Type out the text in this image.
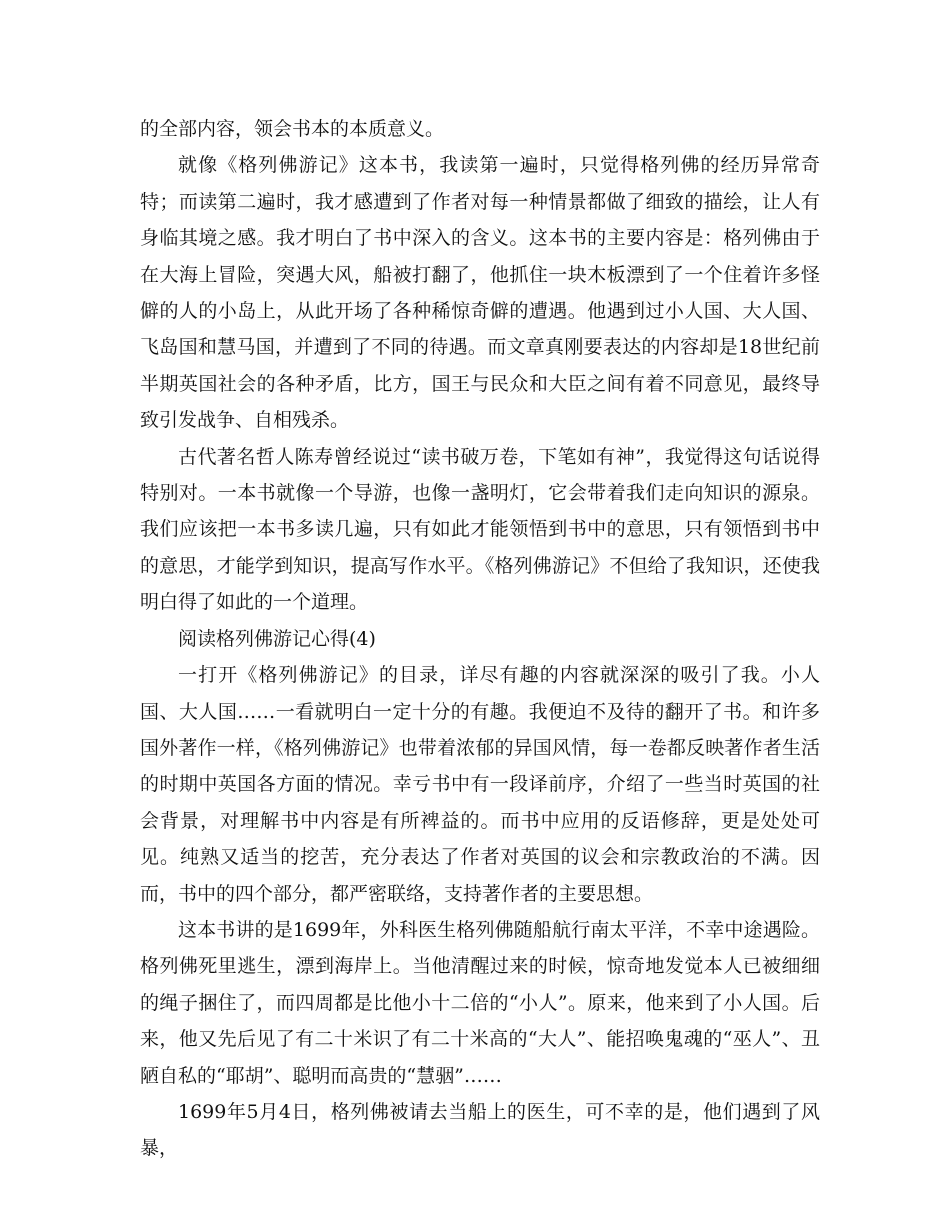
的全部内容，领会书本的本质意义。

就像《格列佛游记》这本书，我读第一遍时，只觉得格列佛的经历异常奇特；而读第二遍时，我才感遭到了作者对每一种情景都做了细致的描绘，让人有身临其境之感。我才明白了书中深入的含义。这本书的主要内容是：格列佛由于在大海上冒险，突遇大风，船被打翻了，他抓住一块木板漂到了一个住着许多怪僻的人的小岛上，从此开场了各种稀惊奇僻的遭遇。他遇到过小人国、大人国、飞岛国和慧马国，并遭到了不同的待遇。而文章真刚要表达的内容却是18世纪前半期英国社会的各种矛盾，比方，国王与民众和大臣之间有着不同意见，最终导致引发战争、自相残杀。

古代著名哲人陈寿曾经说过“读书破万卷，下笔如有神”，我觉得这句话说得特别对。一本书就像一个导游，也像一盏明灯，它会带着我们走向知识的源泉。我们应该把一本书多读几遍，只有如此才能领悟到书中的意思，只有领悟到书中的意思，才能学到知识，提高写作水平。《格列佛游记》不但给了我知识，还使我明白得了如此的一个道理。

阅读格列佛游记心得(4)

一打开《格列佛游记》的目录，详尽有趣的内容就深深的吸引了我。小人国、大人国……一看就明白一定十分的有趣。我便迫不及待的翻开了书。和许多国外著作一样，《格列佛游记》也带着浓郁的异国风情，每一卷都反映著作者生活的时期中英国各方面的情况。幸亏书中有一段译前序，介绍了一些当时英国的社会背景，对理解书中内容是有所裨益的。而书中应用的反语修辞，更是处处可见。纯熟又适当的挖苦，充分表达了作者对英国的议会和宗教政治的不满。因而，书中的四个部分，都严密联络，支持著作者的主要思想。

这本书讲的是1699年，外科医生格列佛随船航行南太平洋，不幸中途遇险。格列佛死里逃生，漂到海岸上。当他清醒过来的时候，惊奇地发觉本人已被细细的绳子捆住了，而四周都是比他小十二倍的“小人”。原来，他来到了小人国。后来，他又先后见了有二十米识了有二十米高的“大人”、能招唤鬼魂的“巫人”、丑陋自私的“耶胡”、聪明而高贵的“慧骃”……

1699年5月4日，格列佛被请去当船上的医生，可不幸的是，他们遇到了风暴，
